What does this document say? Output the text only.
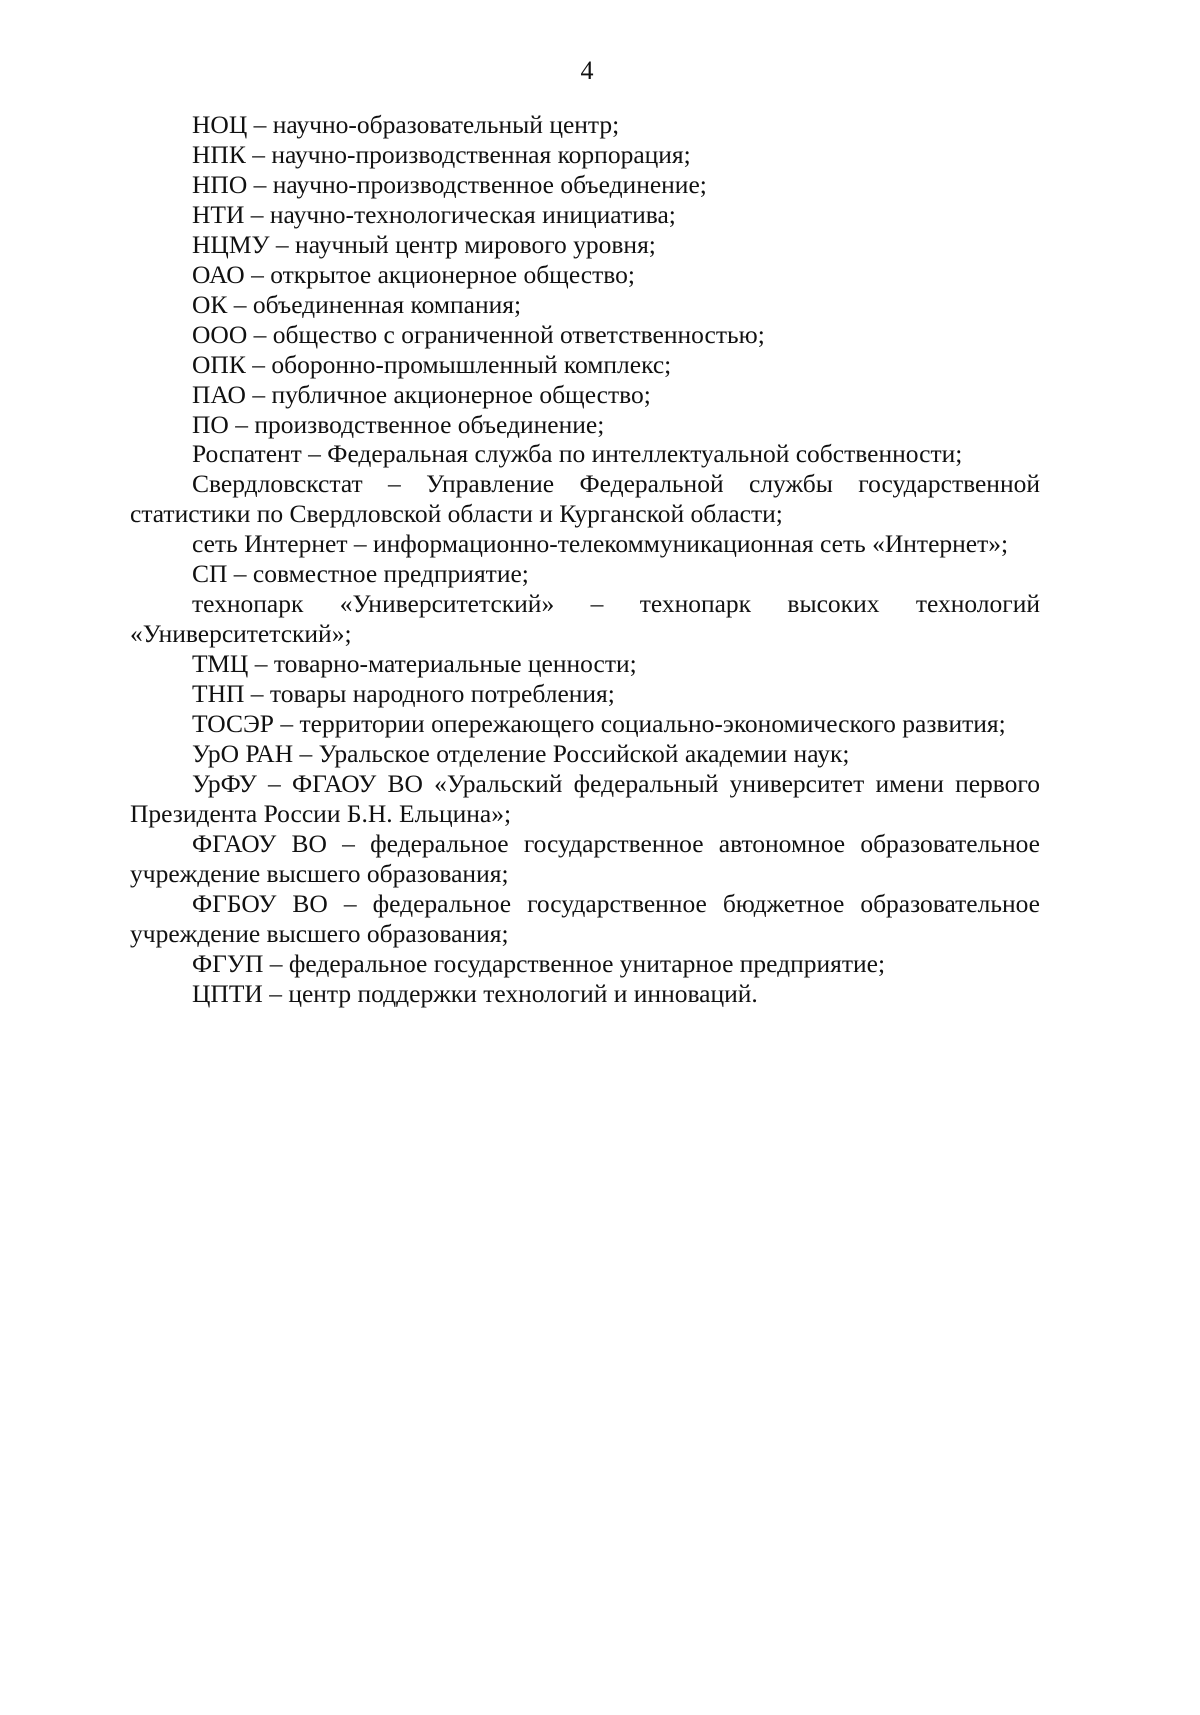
4

НОЦ – научно-образовательный центр;

НПК – научно-производственная корпорация;

НПО – научно-производственное объединение;

НТИ – научно-технологическая инициатива;

НЦМУ – научный центр мирового уровня;

ОАО – открытое акционерное общество;

ОК – объединенная компания;

ООО – общество с ограниченной ответственностью;

ОПК – оборонно-промышленный комплекс;

ПАО – публичное акционерное общество;

ПО – производственное объединение;

Роспатент – Федеральная служба по интеллектуальной собственности;

Свердловскстат – Управление Федеральной службы государственной статистики по Свердловской области и Курганской области;

сеть Интернет – информационно-телекоммуникационная сеть «Интернет»;

СП – совместное предприятие;

технопарк «Университетский» – технопарк высоких технологий «Университетский»;

ТМЦ – товарно-материальные ценности;

ТНП – товары народного потребления;

ТОСЭР – территории опережающего социально-экономического развития;

УрО РАН – Уральское отделение Российской академии наук;

УрФУ – ФГАОУ ВО «Уральский федеральный университет имени первого Президента России Б.Н. Ельцина»;

ФГАОУ ВО – федеральное государственное автономное образовательное учреждение высшего образования;

ФГБОУ ВО – федеральное государственное бюджетное образовательное учреждение высшего образования;

ФГУП – федеральное государственное унитарное предприятие;

ЦПТИ – центр поддержки технологий и инноваций.
